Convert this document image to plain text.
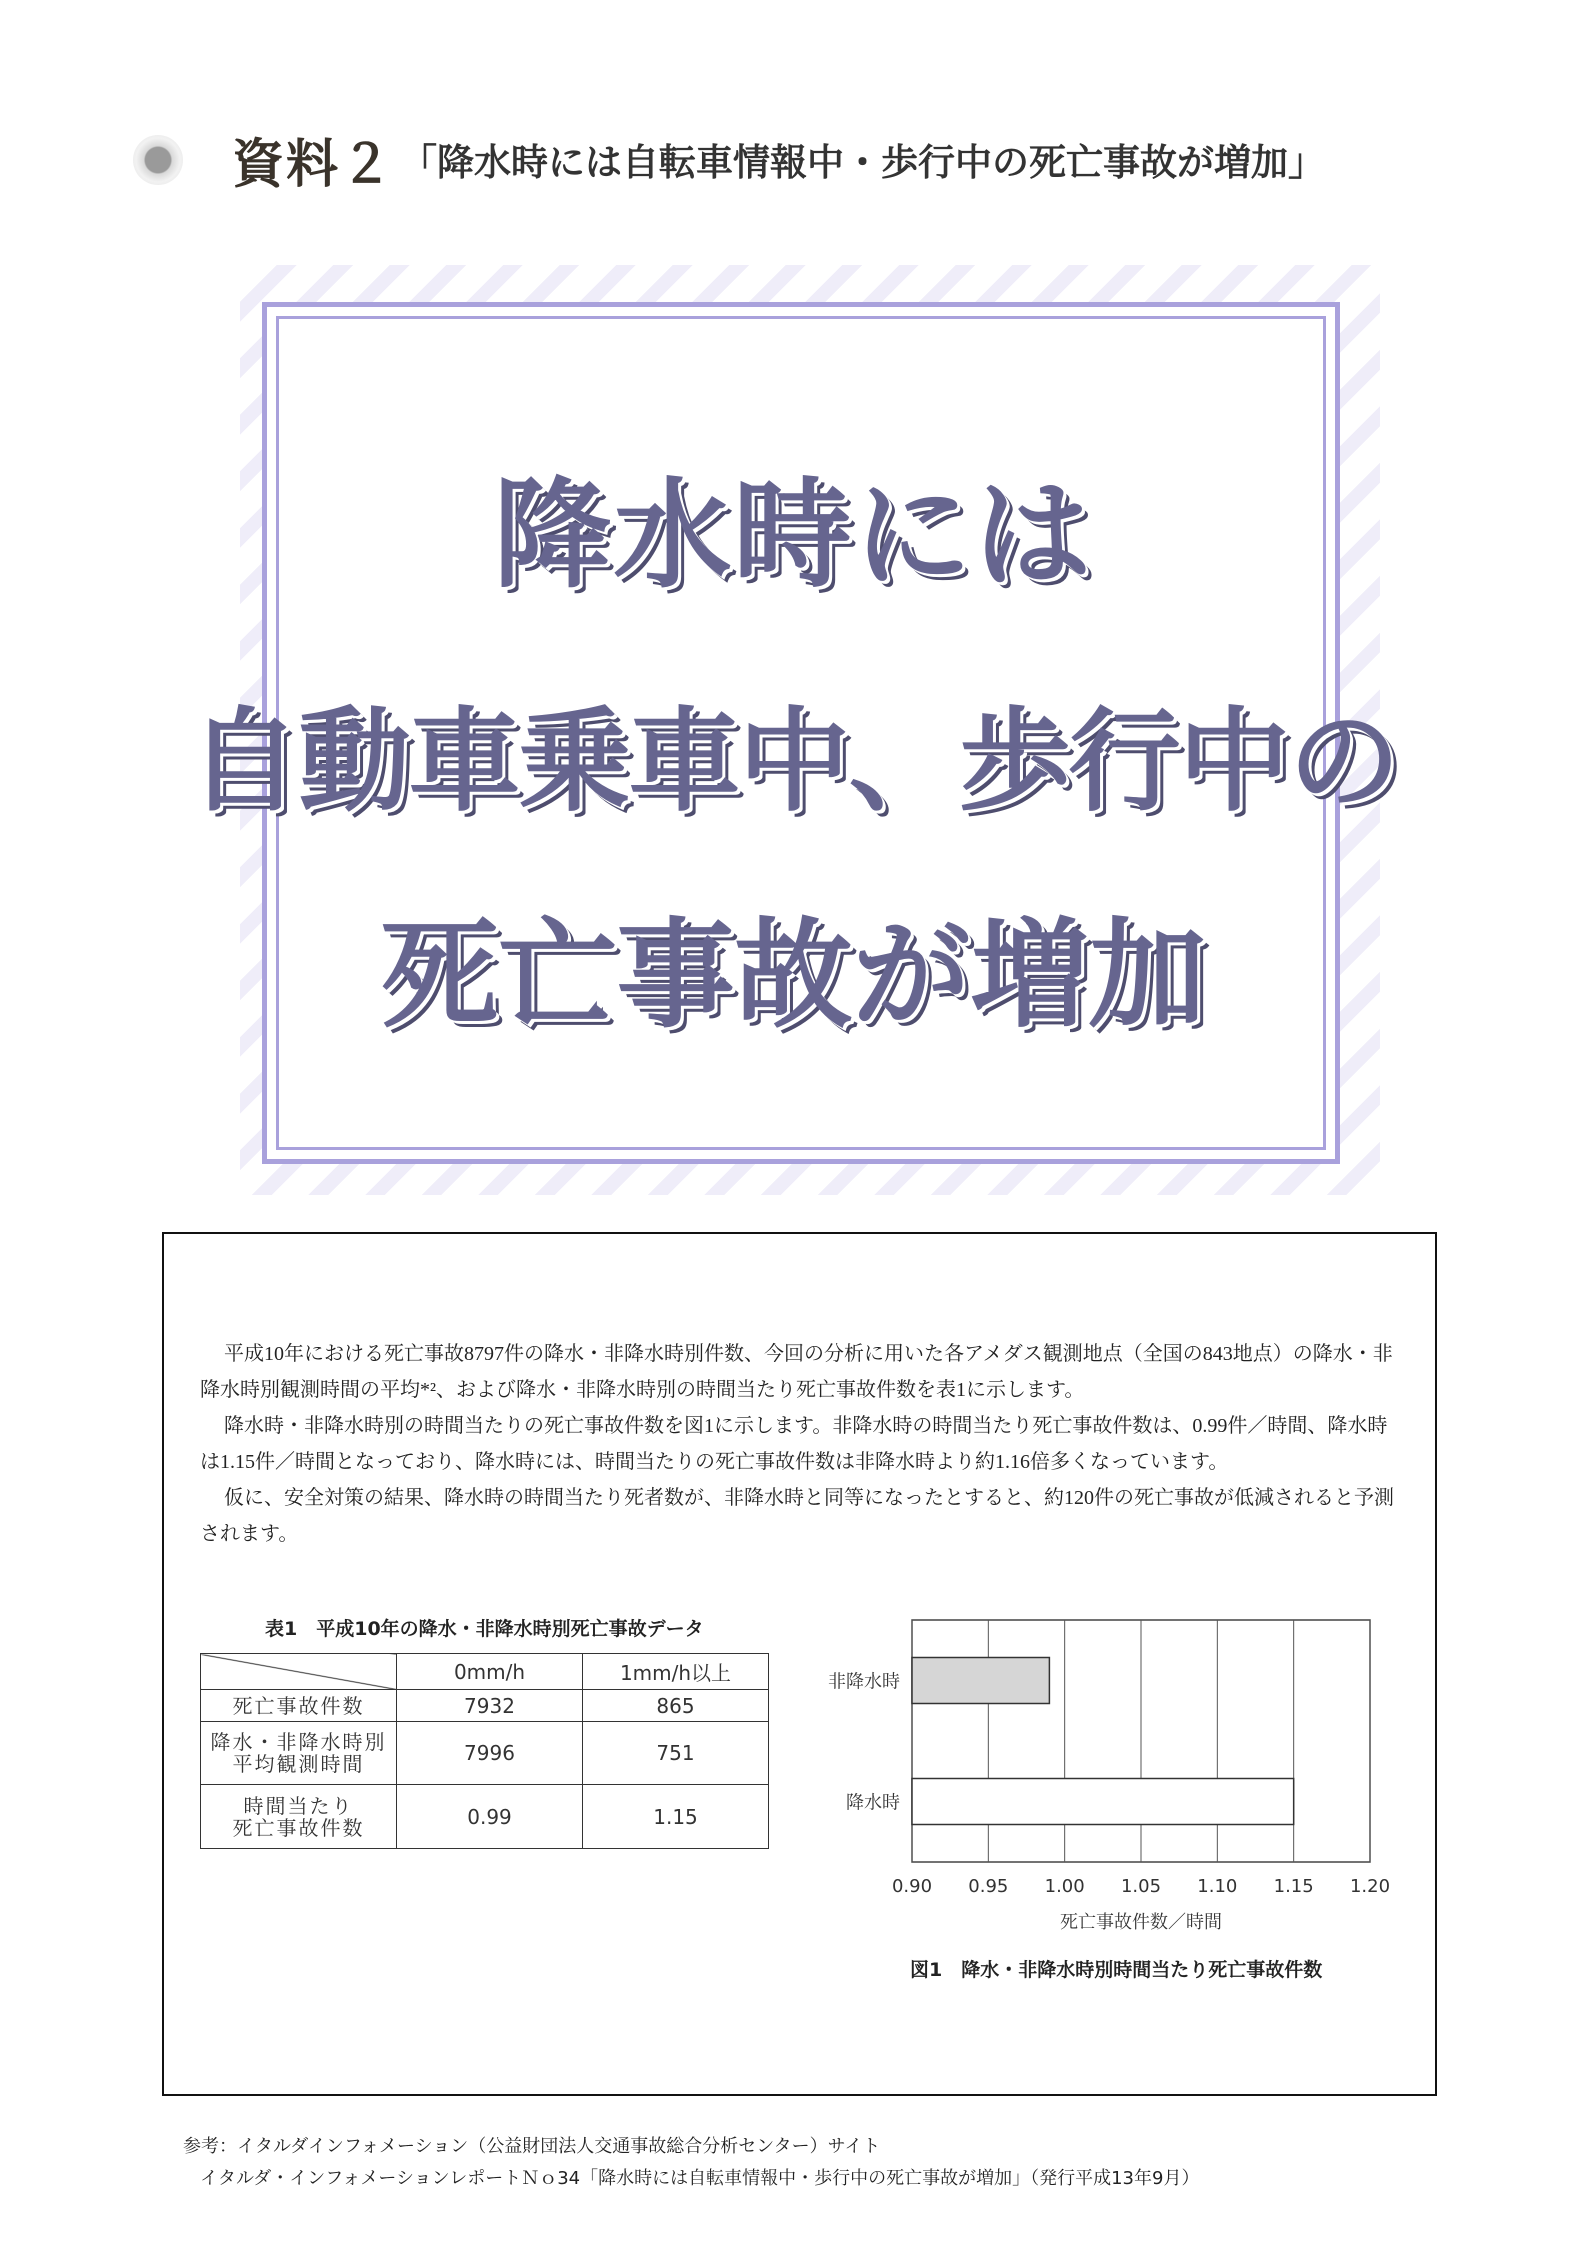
資料２ 「降水時には自転車情報中・歩行中の死亡事故が増加」
降水時には
自動車乗車中、歩行中の
死亡事故が増加

平成10年における死亡事故8797件の降水・非降水時別件数、今回の分析に用いた各アメダス観測地点（全国の843地点）の降水・非降水時別観測時間の平均*²、および降水・非降水時別の時間当たり死亡事故件数を表1に示します。

降水時・非降水時別の時間当たりの死亡事故件数を図1に示します。非降水時の時間当たり死亡事故件数は、0.99件／時間、降水時は1.15件／時間となっており、降水時には、時間当たりの死亡事故件数は非降水時より約1.16倍多くなっています。

仮に、安全対策の結果、降水時の時間当たり死者数が、非降水時と同等になったとすると、約120件の死亡事故が低減されると予測されます。

表1　平成10年の降水・非降水時別死亡事故データ
	0mm/h	1mm/h以上
死亡事故件数	7932	865

降水・非降水時別
平均観測時間	7996	751

時間当たり
死亡事故件数	0.99	1.15
0.90 0.95 1.00 1.05 1.10 1.15 1.20
非降水時
降水時
死亡事故件数／時間
図1　降水・非降水時別時間当たり死亡事故件数
参考：イタルダインフォメーション（公益財団法人交通事故総合分析センター）サイト
イタルダ・インフォメーションレポートＮｏ34「降水時には自転車情報中・歩行中の死亡事故が増加」（発行平成13年9月）
